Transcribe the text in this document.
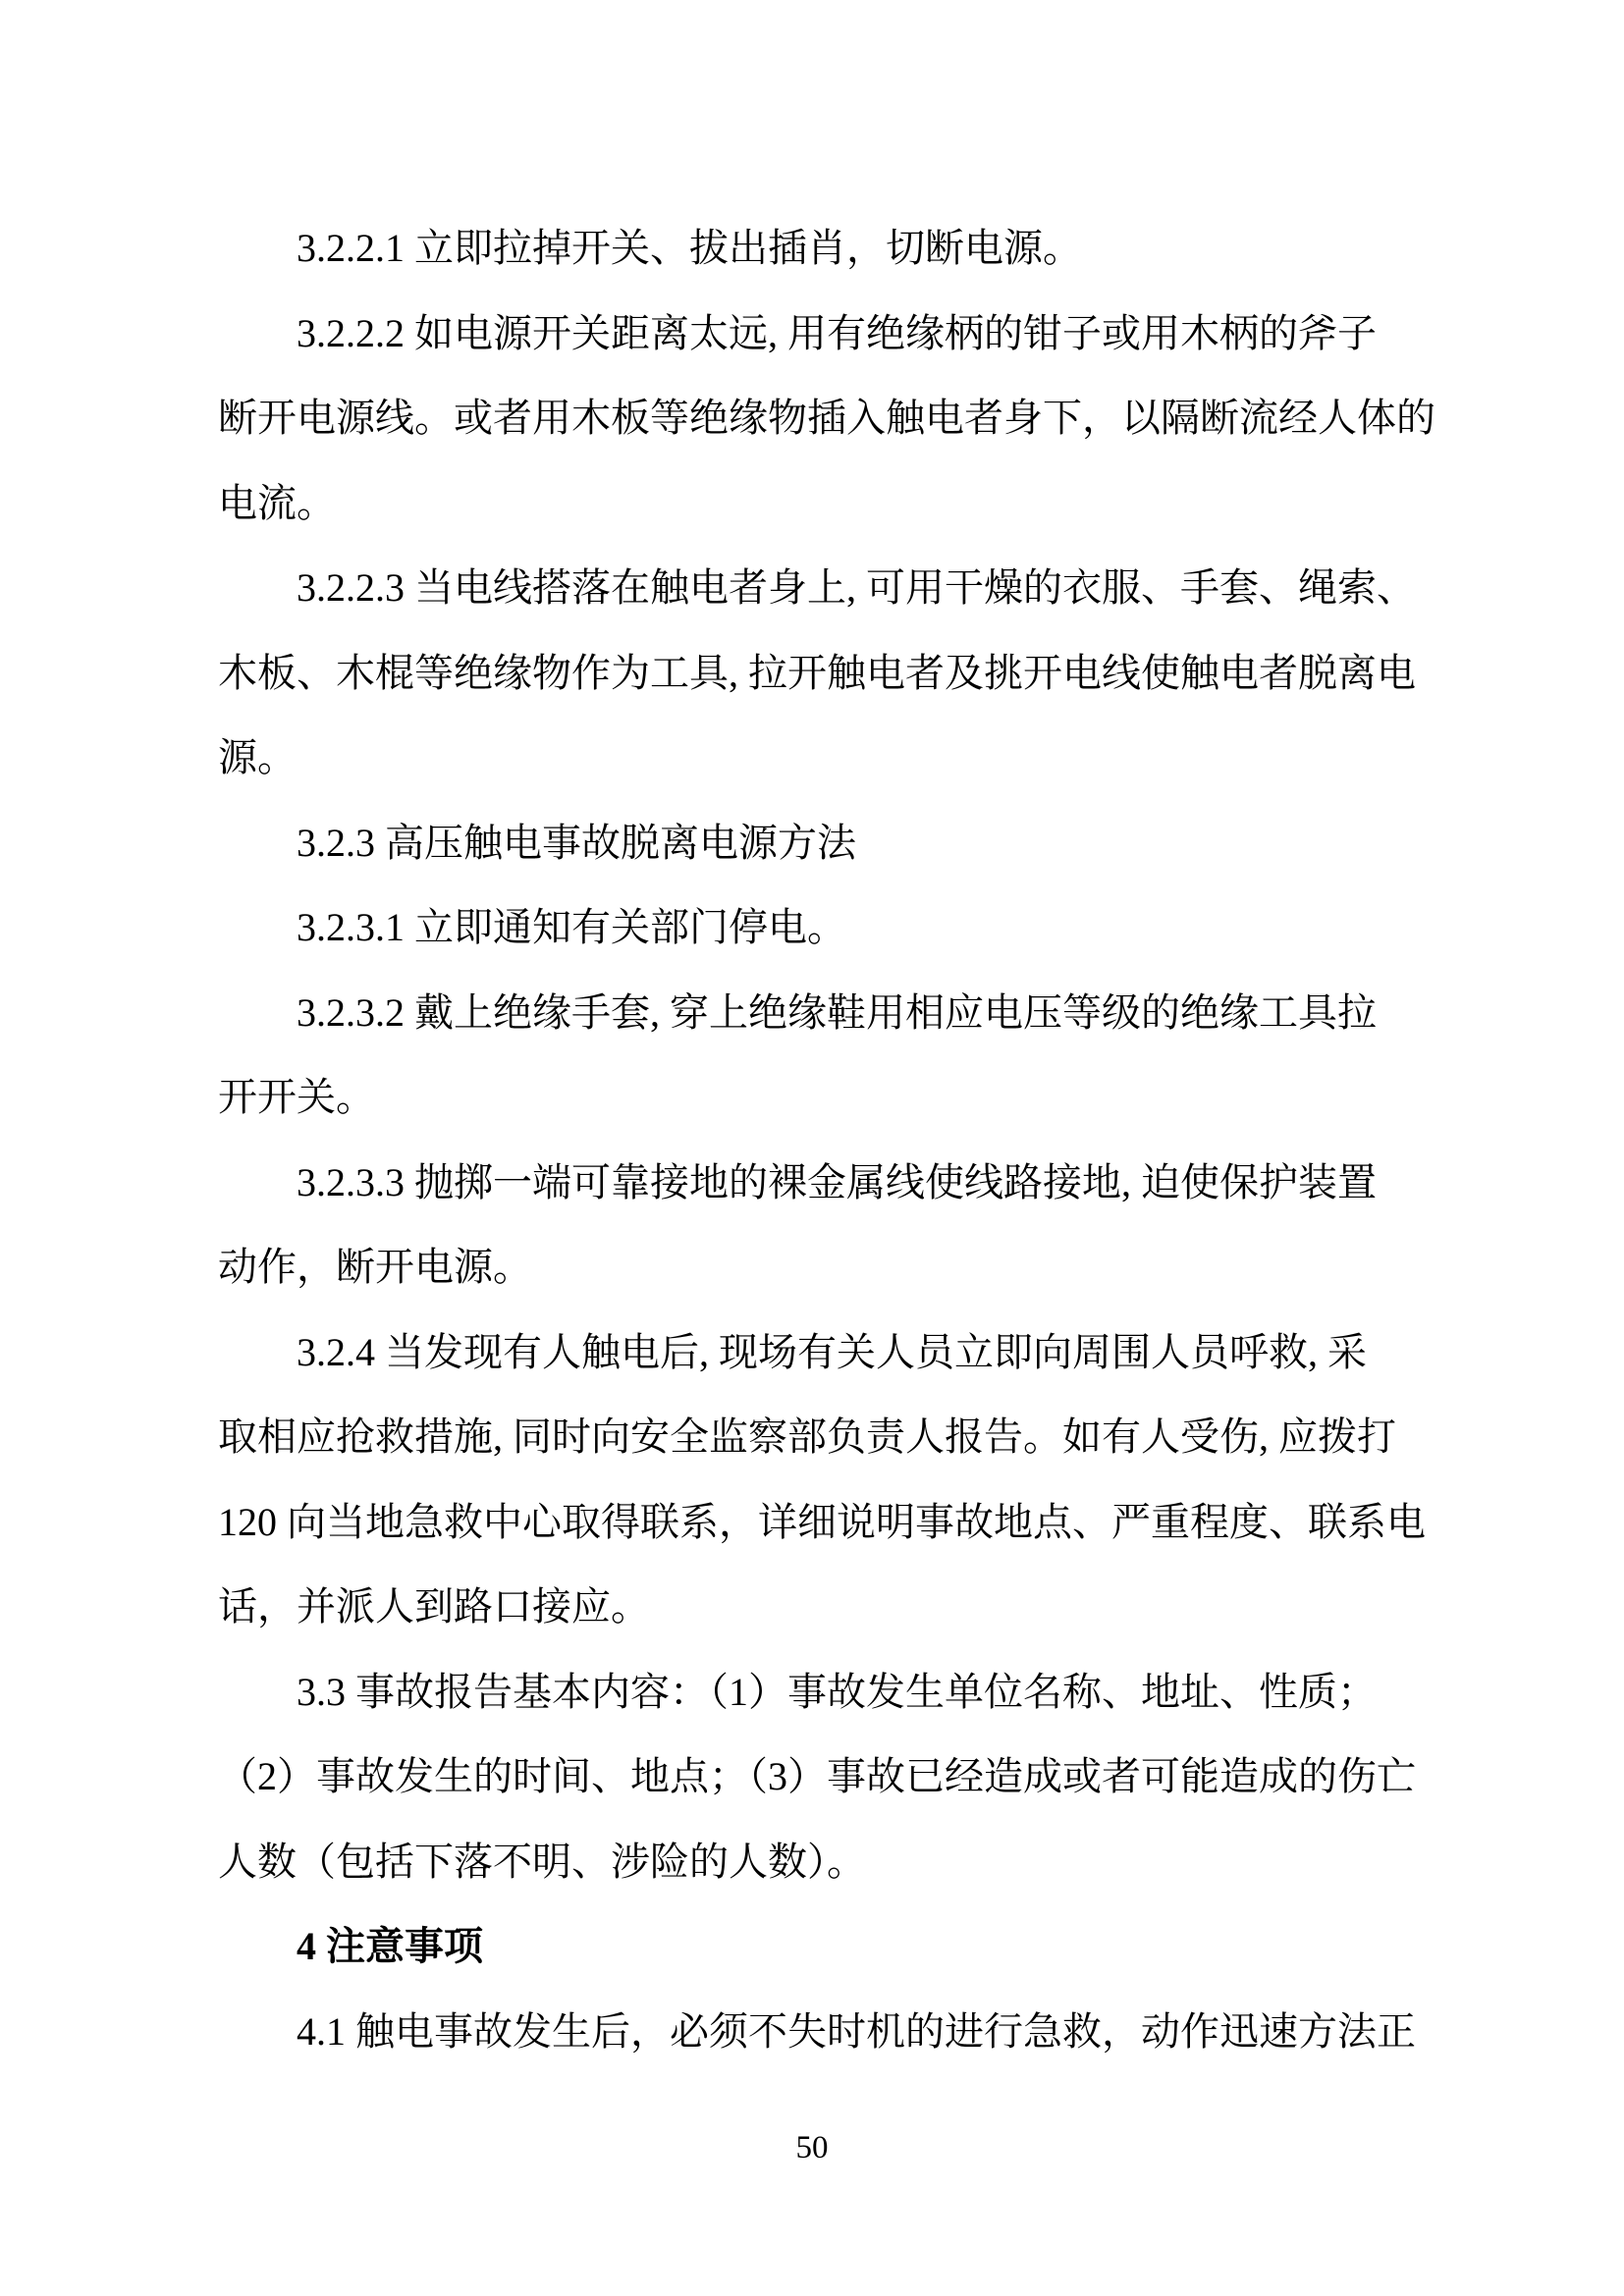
3.2.2.1 立即拉掉开关、拔出插肖，切断电源。
3.2.2.2 如电源开关距离太远, 用有绝缘柄的钳子或用木柄的斧子
断开电源线。或者用木板等绝缘物插入触电者身下，以隔断流经人体的
电流。
3.2.2.3 当电线搭落在触电者身上, 可用干燥的衣服、手套、绳索、
木板、木棍等绝缘物作为工具, 拉开触电者及挑开电线使触电者脱离电
源。
3.2.3 高压触电事故脱离电源方法
3.2.3.1 立即通知有关部门停电。
3.2.3.2 戴上绝缘手套, 穿上绝缘鞋用相应电压等级的绝缘工具拉
开开关。
3.2.3.3 抛掷一端可靠接地的裸金属线使线路接地, 迫使保护装置
动作，断开电源。
3.2.4 当发现有人触电后, 现场有关人员立即向周围人员呼救, 采
取相应抢救措施, 同时向安全监察部负责人报告。如有人受伤, 应拨打
120 向当地急救中心取得联系，详细说明事故地点、严重程度、联系电
话，并派人到路口接应。
3.3 事故报告基本内容：（1）事故发生单位名称、地址、性质；
（2）事故发生的时间、地点；（3）事故已经造成或者可能造成的伤亡
人数（包括下落不明、涉险的人数）。
4 注意事项
4.1 触电事故发生后，必须不失时机的进行急救，动作迅速方法正
50
